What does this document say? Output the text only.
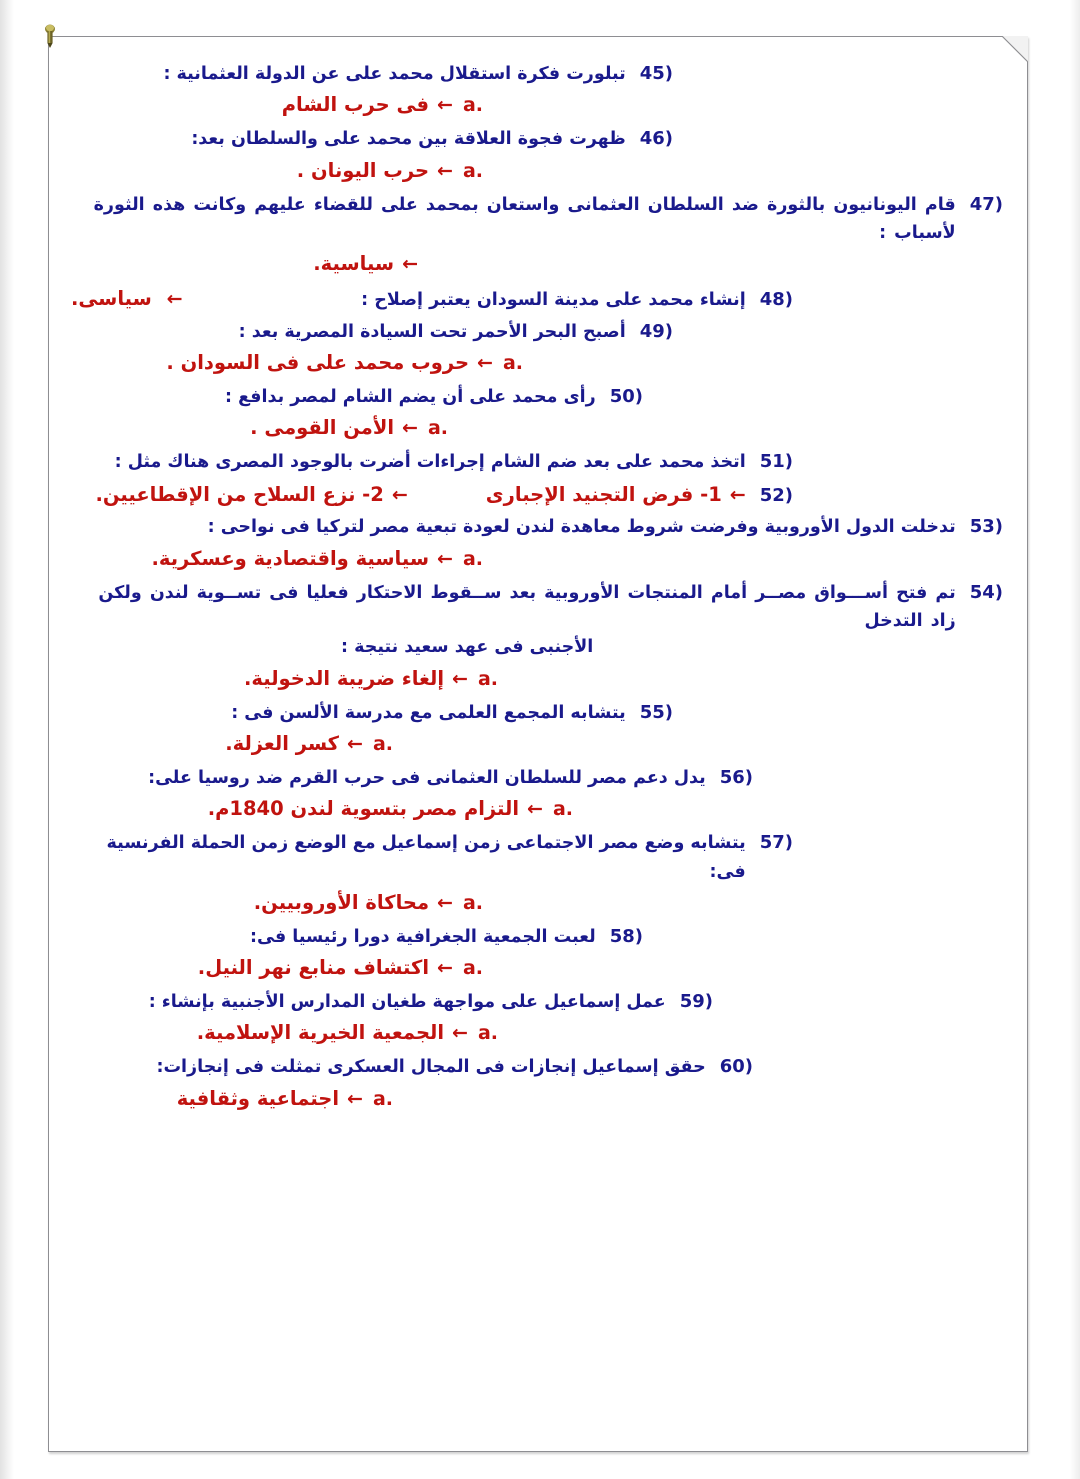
45)
تبلورت فكرة استقلال محمد على عن الدولة العثمانية :
a.
←
فى حرب الشام
46)
ظهرت فجوة العلاقة بين محمد على والسلطان بعد:
a.
←
حرب اليونان .
47)
قام اليونانيون بالثورة ضد السلطان العثمانى واستعان بمحمد على للقضاء عليهم وكانت هذه الثورة لأسباب :
←
سياسية.
48)
إنشاء محمد على مدينة السودان يعتبر إصلاح :
← سياسى.
49)
أصبح البحر الأحمر تحت السيادة المصرية بعد :
a.
←
حروب محمد على فى السودان .
50)
رأى محمد على أن يضم الشام لمصر بدافع :
a.
←
الأمن القومى .
51)
اتخذ محمد على بعد ضم الشام إجراءات أضرت بالوجود المصرى هناك مثل :
52)
←
1- فرض التجنيد الإجبارى
←
2- نزع السلاح من الإقطاعيين.
53)
تدخلت الدول الأوروبية وفرضت شروط معاهدة لندن لعودة تبعية مصر لتركيا فى نواحى :
a.
←
سياسية واقتصادية وعسكرية.
54)
تم فتح أســـواق مصــر أمام المنتجات الأوروبية بعد ســقوط الاحتكار فعليا فى تســوية لندن ولكن زاد التدخل
الأجنبى فى عهد سعيد نتيجة :
a.
←
إلغاء ضريبة الدخولية.
55)
يتشابه المجمع العلمى مع مدرسة الألسن فى :
a.
←
كسر العزلة.
56)
يدل دعم مصر للسلطان العثمانى فى حرب القرم ضد روسيا على:
a.
←
التزام مصر بتسوية لندن 1840م.
57)
يتشابه وضع مصر الاجتماعى زمن إسماعيل مع الوضع زمن الحملة الفرنسية فى:
a.
←
محاكاة الأوروبيين.
58)
لعبت الجمعية الجغرافية دورا رئيسيا فى:
a.
←
اكتشاف منابع نهر النيل.
59)
عمل إسماعيل على مواجهة طغيان المدارس الأجنبية بإنشاء :
a.
←
الجمعية الخيرية الإسلامية.
60)
حقق إسماعيل إنجازات فى المجال العسكرى تمثلت فى إنجازات:
a.
←
اجتماعية وثقافية
